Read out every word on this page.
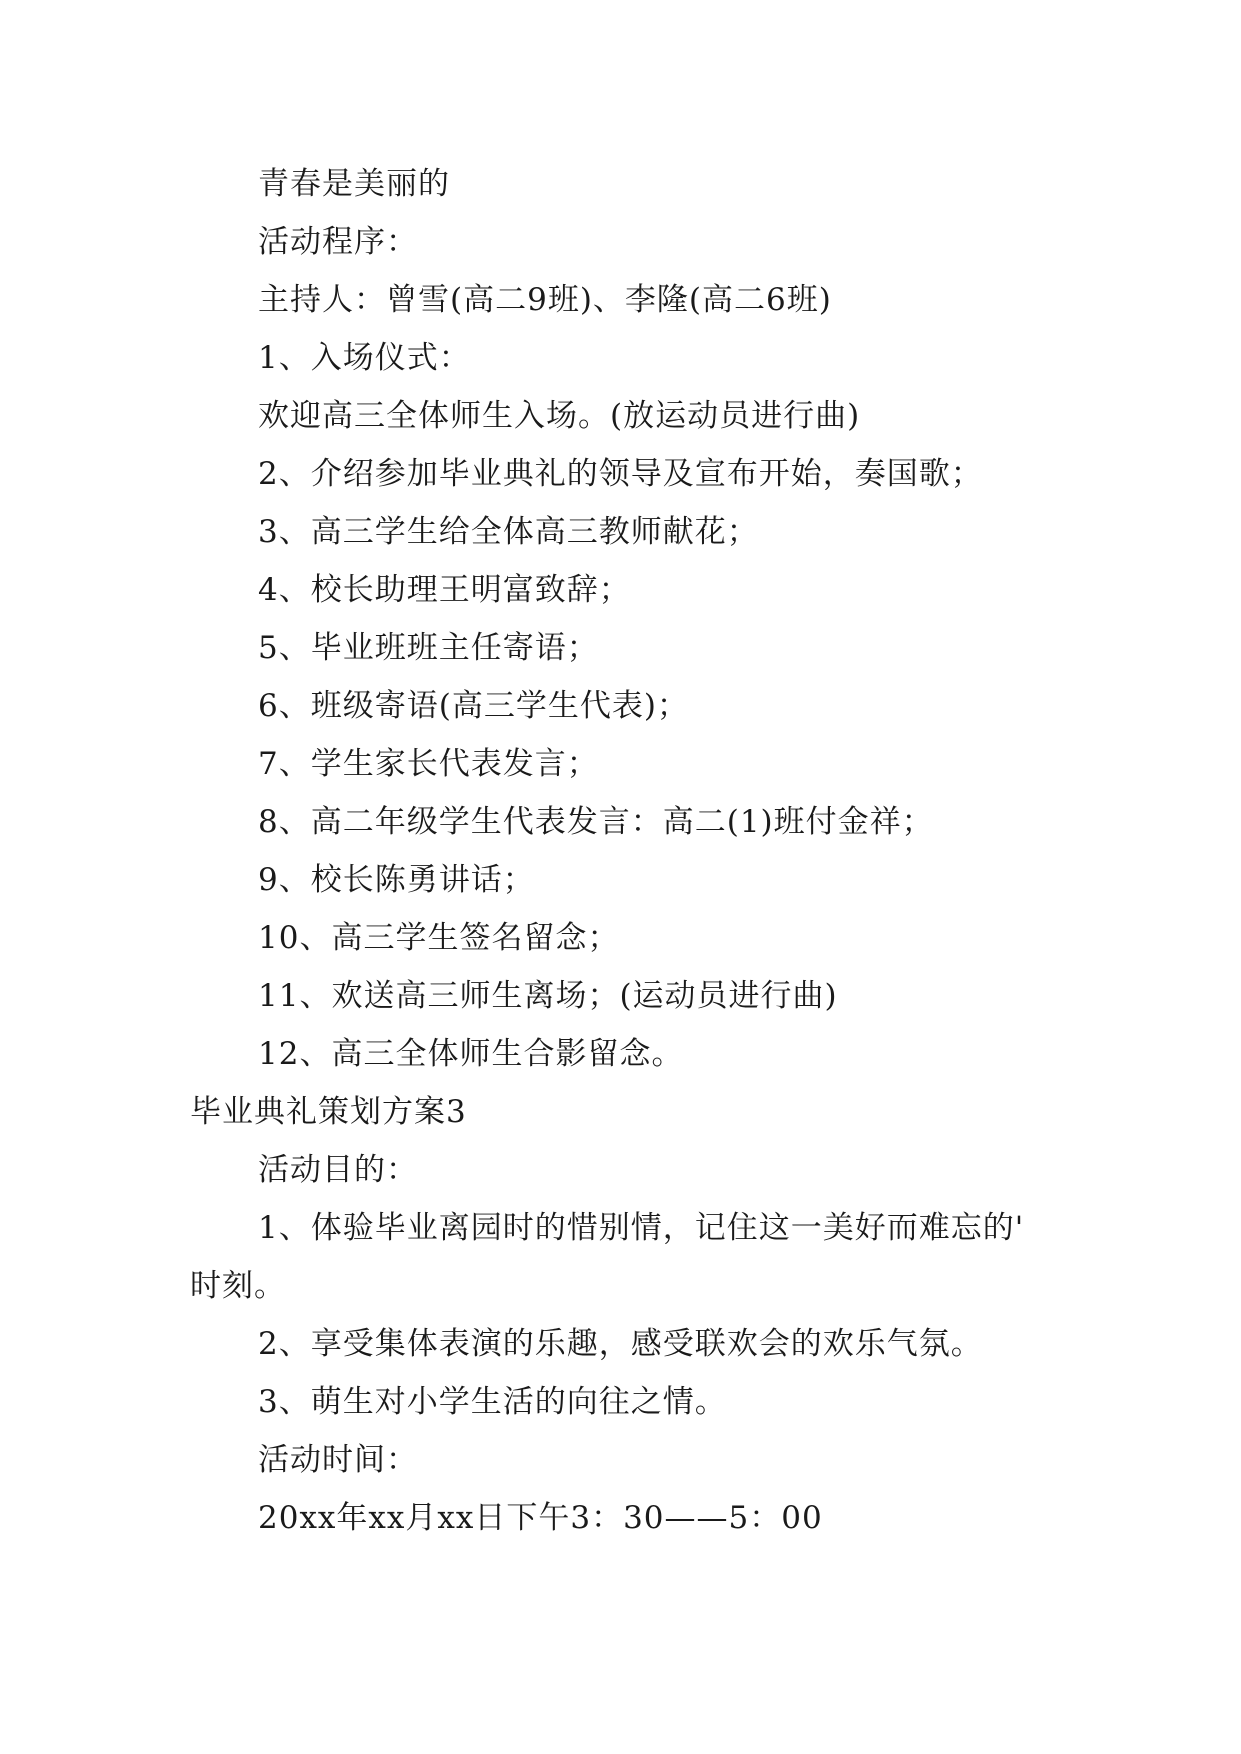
青春是美丽的
活动程序：
主持人：曾雪(高二9班)、李隆(高二6班)
1、入场仪式：
欢迎高三全体师生入场。(放运动员进行曲)
2、介绍参加毕业典礼的领导及宣布开始，奏国歌；
3、高三学生给全体高三教师献花；
4、校长助理王明富致辞；
5、毕业班班主任寄语；
6、班级寄语(高三学生代表)；
7、学生家长代表发言；
8、高二年级学生代表发言：高二(1)班付金祥；
9、校长陈勇讲话；
10、高三学生签名留念；
11、欢送高三师生离场；(运动员进行曲)
12、高三全体师生合影留念。
毕业典礼策划方案3
活动目的：
1、体验毕业离园时的惜别情，记住这一美好而难忘的'
时刻。
2、享受集体表演的乐趣，感受联欢会的欢乐气氛。
3、萌生对小学生活的向往之情。
活动时间：
20xx年xx月xx日下午3：30——5：00
